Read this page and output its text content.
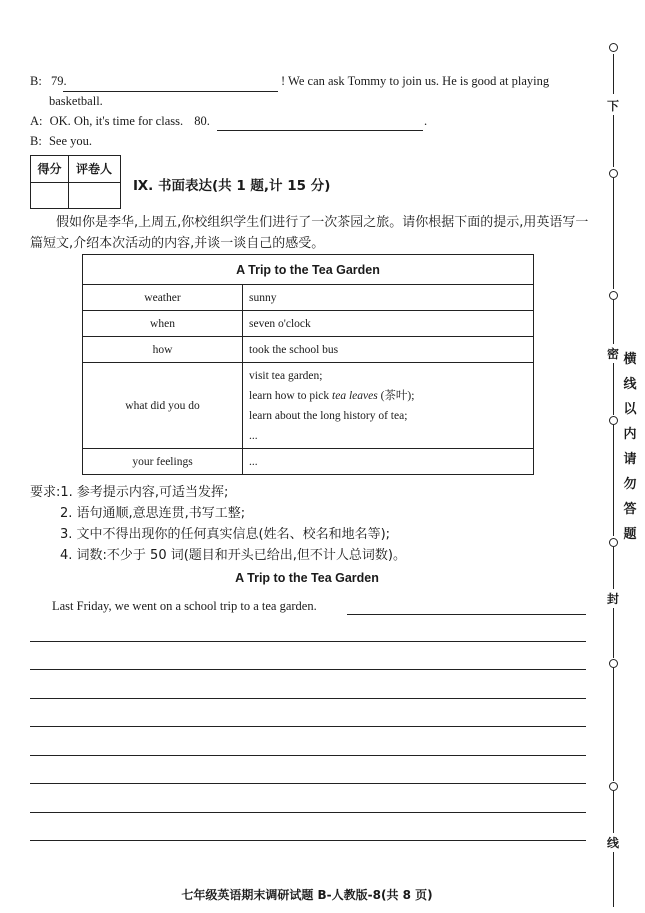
B: 79.	! We can ask Tommy to join us. He is good at playing
basketball.
A: OK. Oh, it's time for class. 80.	.
B: See you.
得分	评卷人
Ⅸ. 书面表达(共 1 题,计 15 分)
假如你是李华,上周五,你校组织学生们进行了一次茶园之旅。请你根据下面的提示,用英语写一篇短文,介绍本次活动的内容,并谈一谈自己的感受。
A Trip to the Tea Garden	
weather	sunny
when	seven o'clock
how	took the school bus
what did you do	visit tea garden;
learn how to pick tea leaves (茶叶);
learn about the long history of tea;
...

your feelings	...
要求:1. 参考提示内容,可适当发挥;
2. 语句通顺,意思连贯,书写工整;
3. 文中不得出现你的任何真实信息(姓名、校名和地名等);
4. 词数:不少于 50 词(题目和开头已给出,但不计人总词数)。
A Trip to the Tea Garden
Last Friday, we went on a school trip to a tea garden.
七年级英语期末调研试题 B-人教版-8(共 8 页)
下
密
封
线
横
线
以
内
请
勿
答
题
